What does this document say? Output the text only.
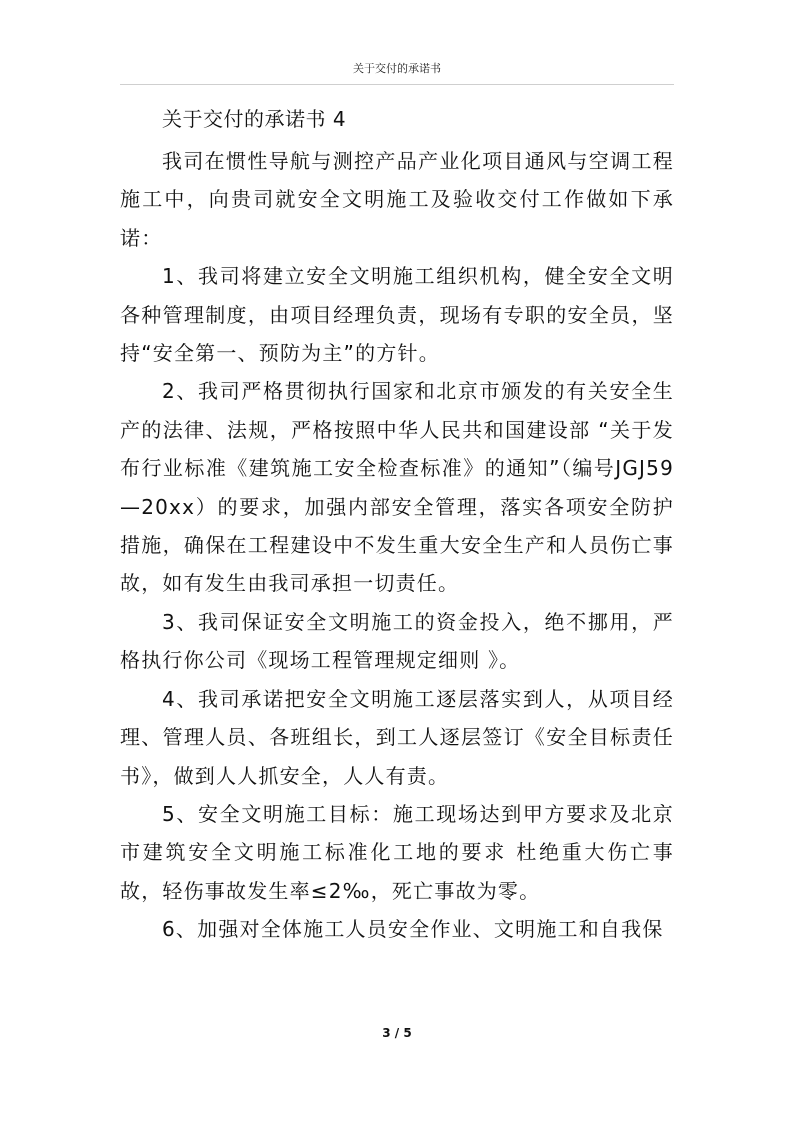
关于交付的承诺书
关于交付的承诺书 4

我司在惯性导航与测控产品产业化项目通风与空调工程施工中，向贵司就安全文明施工及验收交付工作做如下承诺：

1、我司将建立安全文明施工组织机构，健全安全文明各种管理制度，由项目经理负责，现场有专职的安全员，坚持“安全第一、预防为主”的方针。

2、我司严格贯彻执行国家和北京市颁发的有关安全生产的法律、法规，严格按照中华人民共和国建设部 “关于发布行业标准《建筑施工安全检查标准》的通知”（编号JGJ59—20xx）的要求，加强内部安全管理，落实各项安全防护措施，确保在工程建设中不发生重大安全生产和人员伤亡事故，如有发生由我司承担一切责任。

3、我司保证安全文明施工的资金投入，绝不挪用，严格执行你公司《现场工程管理规定细则 》。

4、我司承诺把安全文明施工逐层落实到人，从项目经理、管理人员、各班组长，到工人逐层签订《安全目标责任书》，做到人人抓安全，人人有责。

5、安全文明施工目标：施工现场达到甲方要求及北京市建筑安全文明施工标准化工地的要求 杜绝重大伤亡事故，轻伤事故发生率≤2‰，死亡事故为零。

6、加强对全体施工人员安全作业、文明施工和自我保

3 / 5
